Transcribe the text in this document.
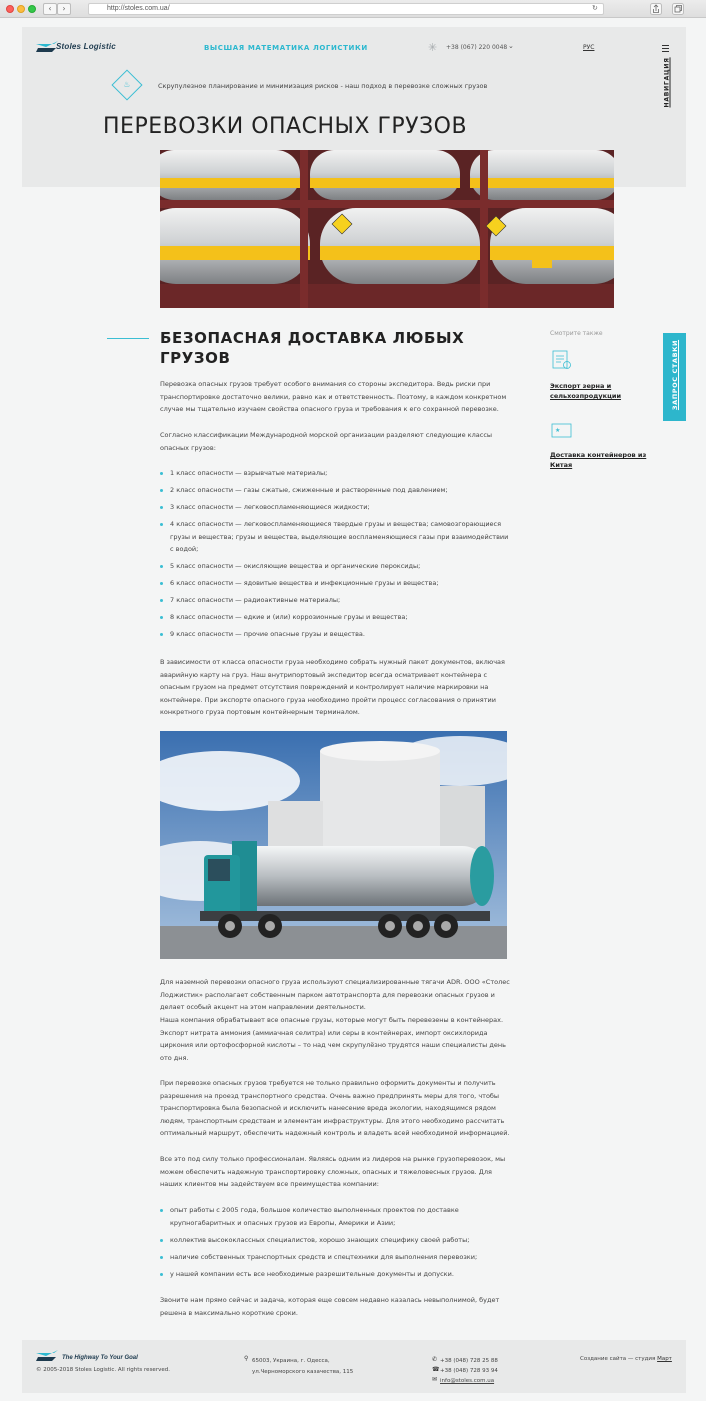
‹	›	http://stoles.com.ua/	↻
Stoles Logistic	ВЫСШАЯ МАТЕМАТИКА ЛОГИСТИКИ	✳ +38 (067) 220 0048 ⌄	РУС
НАВИГАЦИЯ
♨	Скрупулезное планирование и минимизация рисков - наш подход в перевозке сложных грузов
ПЕРЕВОЗКИ ОПАСНЫХ ГРУЗОВ
БЕЗОПАСНАЯ ДОСТАВКА ЛЮБЫХ ГРУЗОВ

Перевозка опасных грузов требует особого внимания со стороны экспедитора. Ведь риски при транспортировке достаточно велики, равно как и ответственность. Поэтому, в каждом конкретном случае мы тщательно изучаем свойства опасного груза и требования к его сохранной перевозке.

Согласно классификации Международной морской организации разделяют следующие классы опасных грузов:

1 класс опасности — взрывчатые материалы;
2 класс опасности — газы сжатые, сжиженные и растворенные под давлением;
3 класс опасности — легковоспламеняющиеся жидкости;
4 класс опасности — легковоспламеняющиеся твердые грузы и вещества; самовозгорающиеся грузы и вещества; грузы и вещества, выделяющие воспламеняющиеся газы при взаимодействии с водой;
5 класс опасности — окисляющие вещества и органические пероксиды;
6 класс опасности — ядовитые вещества и инфекционные грузы и вещества;
7 класс опасности — радиоактивные материалы;
8 класс опасности — едкие и (или) коррозионные грузы и вещества;
9 класс опасности — прочие опасные грузы и вещества.

В зависимости от класса опасности груза необходимо собрать нужный пакет документов, включая аварийную карту на груз. Наш внутрипортовый экспедитор всегда осматривает контейнера с опасным грузом на предмет отсутствия повреждений и контролирует наличие маркировки на контейнере. При экспорте опасного груза необходимо пройти процесс согласования о принятии конкретного груза портовым контейнерным терминалом.

Для наземной перевозки опасного груза используют специализированные тягачи ADR. ООО «Столес Лоджистик» располагает собственным парком автотранспорта для перевозки опасных грузов и делает особый акцент на этом направлении деятельности.

Наша компания обрабатывает все опасные грузы, которые могут быть перевезены в контейнерах. Экспорт нитрата аммония (аммиачная селитра) или серы в контейнерах, импорт оксихлорида циркония или ортофосфорной кислоты – то над чем скрупулёзно трудятся наши специалисты день ото дня.

При перевозке опасных грузов требуется не только правильно оформить документы и получить разрешения на проезд транспортного средства. Очень важно предпринять меры для того, чтобы транспортировка была безопасной и исключить нанесение вреда экологии, находящимся рядом людям, транспортным средствам и элементам инфраструктуры. Для этого необходимо рассчитать оптимальный маршрут, обеспечить надежный контроль и владеть всей необходимой информацией.

Все это под силу только профессионалам. Являясь одним из лидеров на рынке грузоперевозок, мы можем обеспечить надежную транспортировку сложных, опасных и тяжеловесных грузов. Для наших клиентов мы задействуем все преимущества компании:

опыт работы с 2005 года, большое количество выполненных проектов по доставке крупногабаритных и опасных грузов из Европы, Америки и Азии;
коллектив высококлассных специалистов, хорошо знающих специфику своей работы;
наличие собственных транспортных средств и спецтехники для выполнения перевозки;
у нашей компании есть все необходимые разрешительные документы и допуски.

Звоните нам прямо сейчас и задача, которая еще совсем недавно казалась невыполнимой, будет решена в максимально короткие сроки.

Смотрите также
Экспорт зерна и сельхозпродукции
★
Доставка контейнеров из Китая
ЗАПРОС СТАВКИ
The Highway To Your Goal
© 2005-2018 Stoles Logistic. All rights reserved.
⚲ 65003, Украина, г. Одесса,
ул.Черноморского казачества, 115
✆
☎
✉
+38 (048) 728 25 88
+38 (048) 728 93 94
info@stoles.com.ua
Создание сайта — студия Март
